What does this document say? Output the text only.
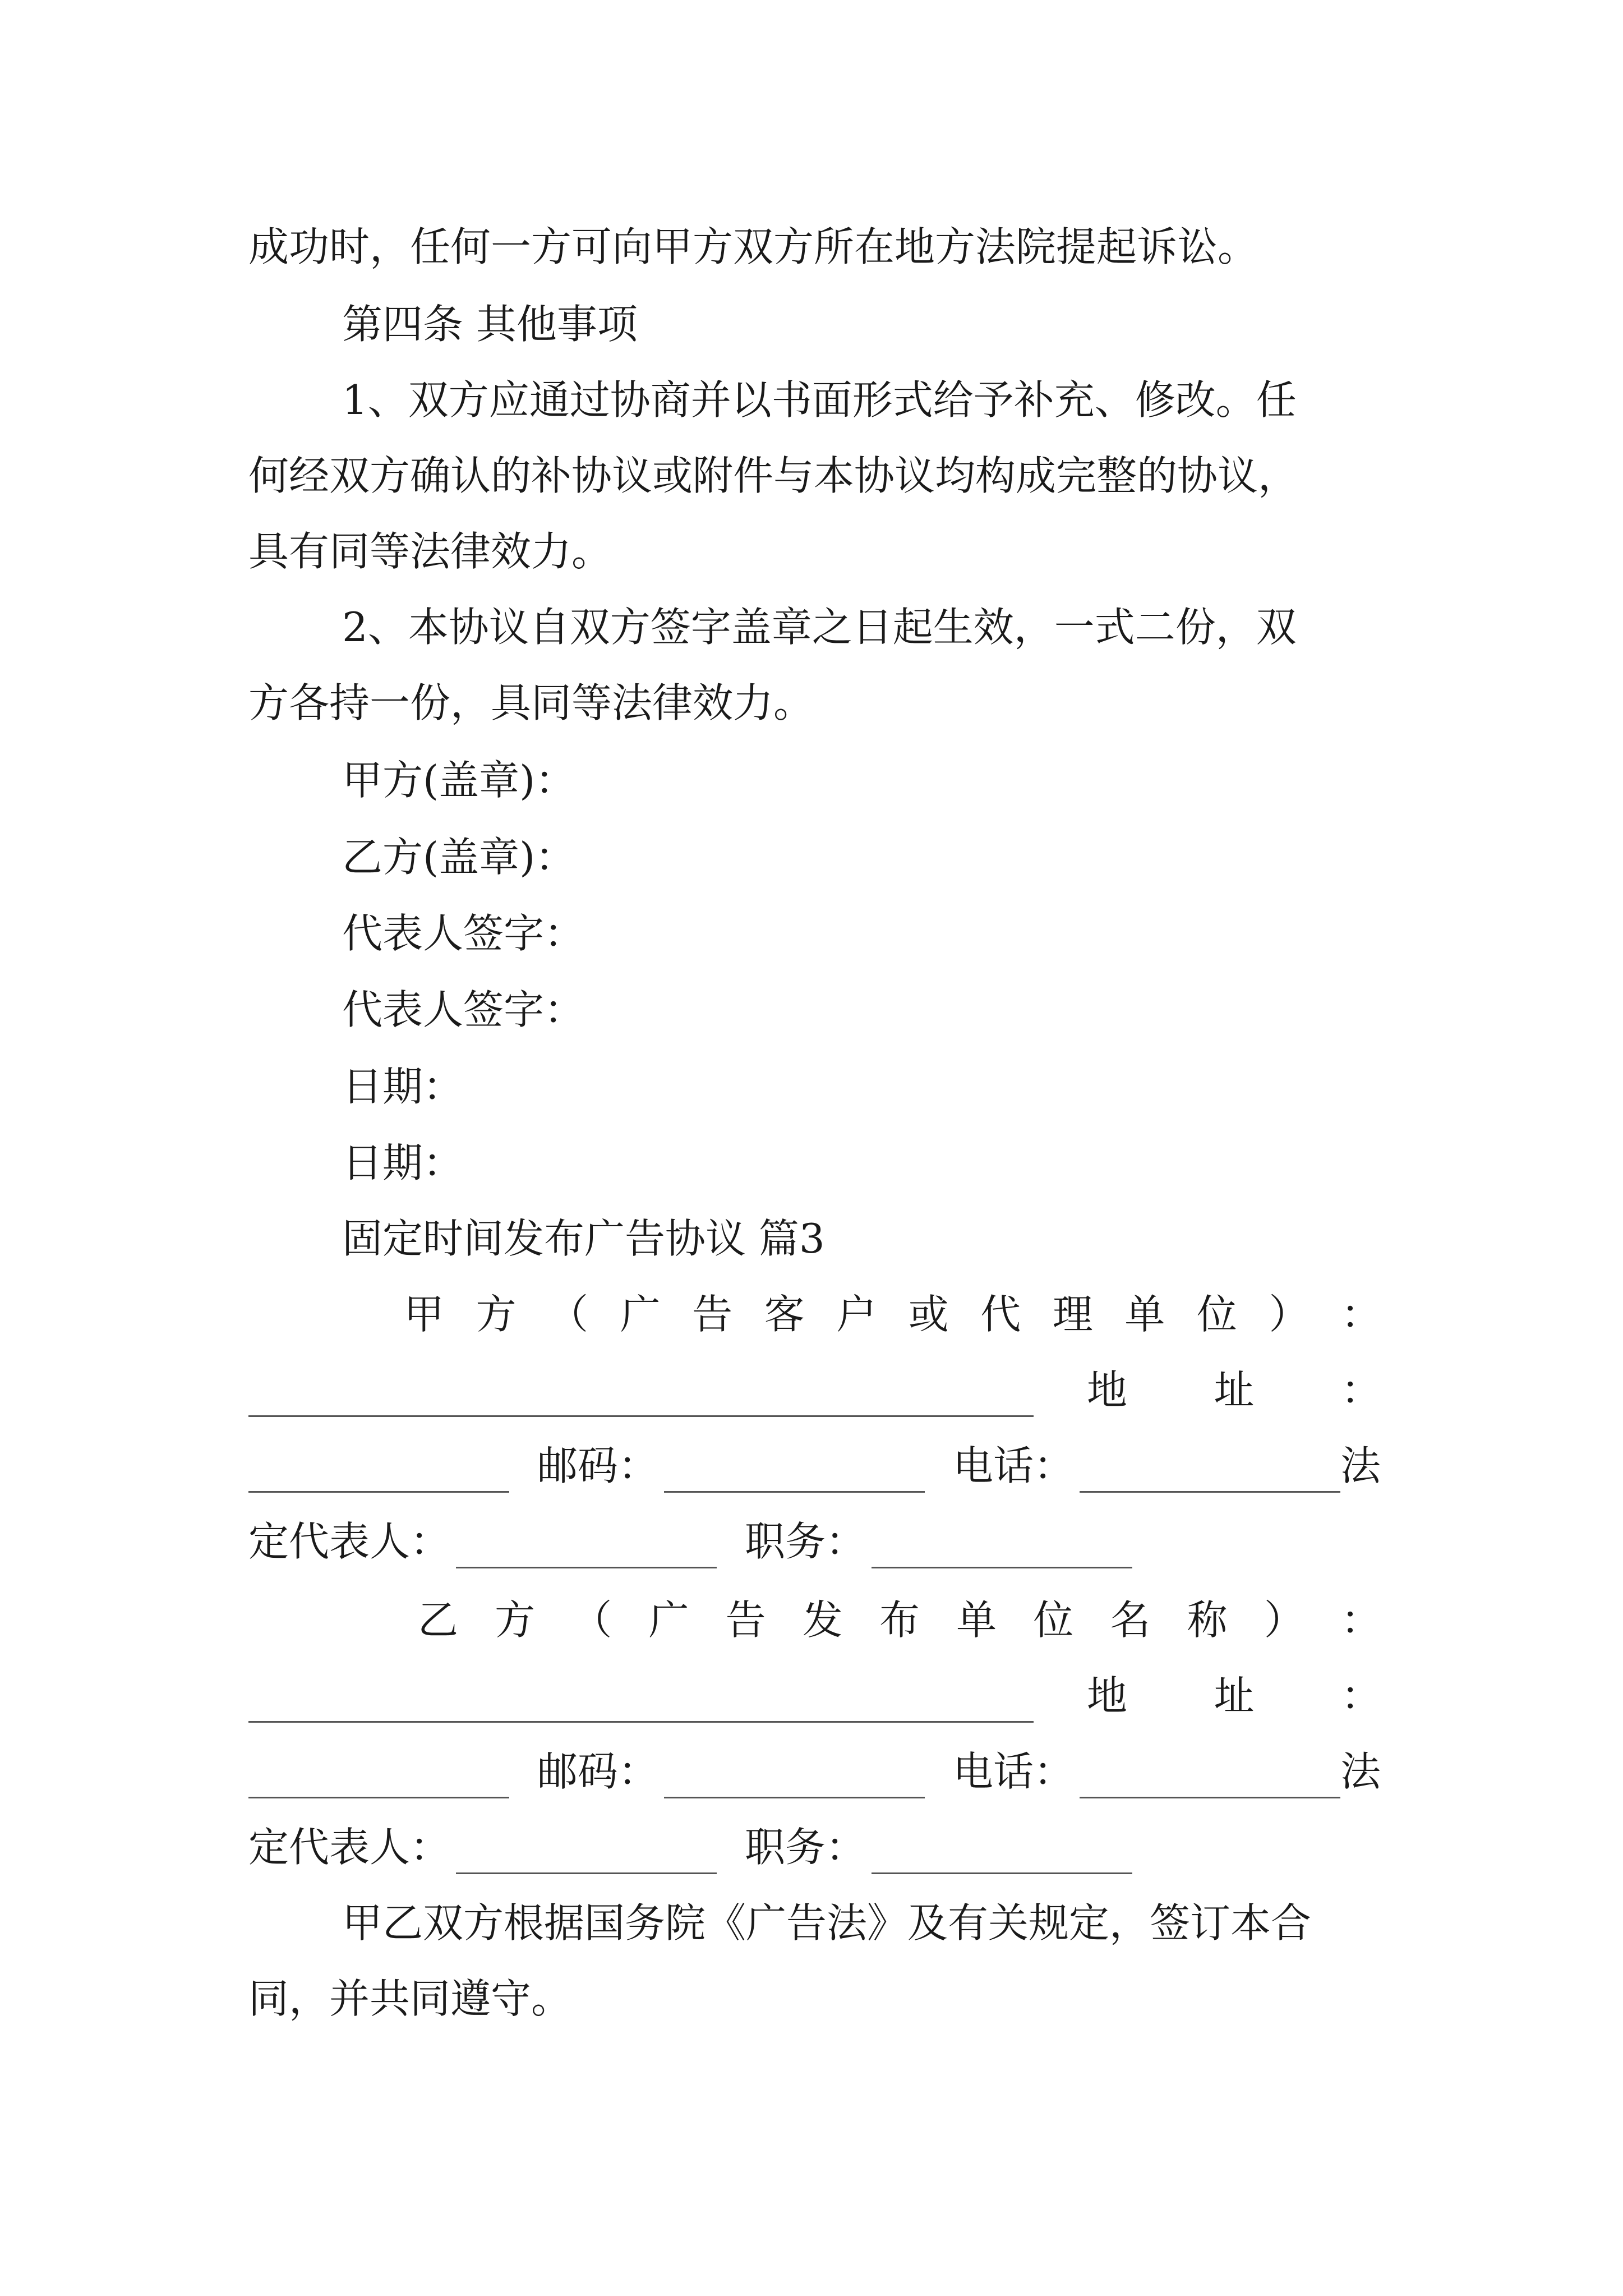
成功时，任何一方可向甲方双方所在地方法院提起诉讼。
第四条 其他事项
1、双方应通过协商并以书面形式给予补充、修改。任
何经双方确认的补协议或附件与本协议均构成完整的协议，
具有同等法律效力。
2、本协议自双方签字盖章之日起生效，一式二份，双
方各持一份，具同等法律效力。
甲方(盖章)：
乙方(盖章)：
代表人签字：
代表人签字：
日期：
日期：
固定时间发布广告协议 篇3
甲 方 （ 广 告 客 户 或 代 理 单 位 ） ：
地 址 ：
邮码：	电话：	法
定代表人：	职务：
乙 方 （ 广 告 发 布 单 位 名 称 ） ：
地 址 ：
邮码：	电话：	法
定代表人：	职务：
甲乙双方根据国务院《广告法》及有关规定，签订本合
同，并共同遵守。
